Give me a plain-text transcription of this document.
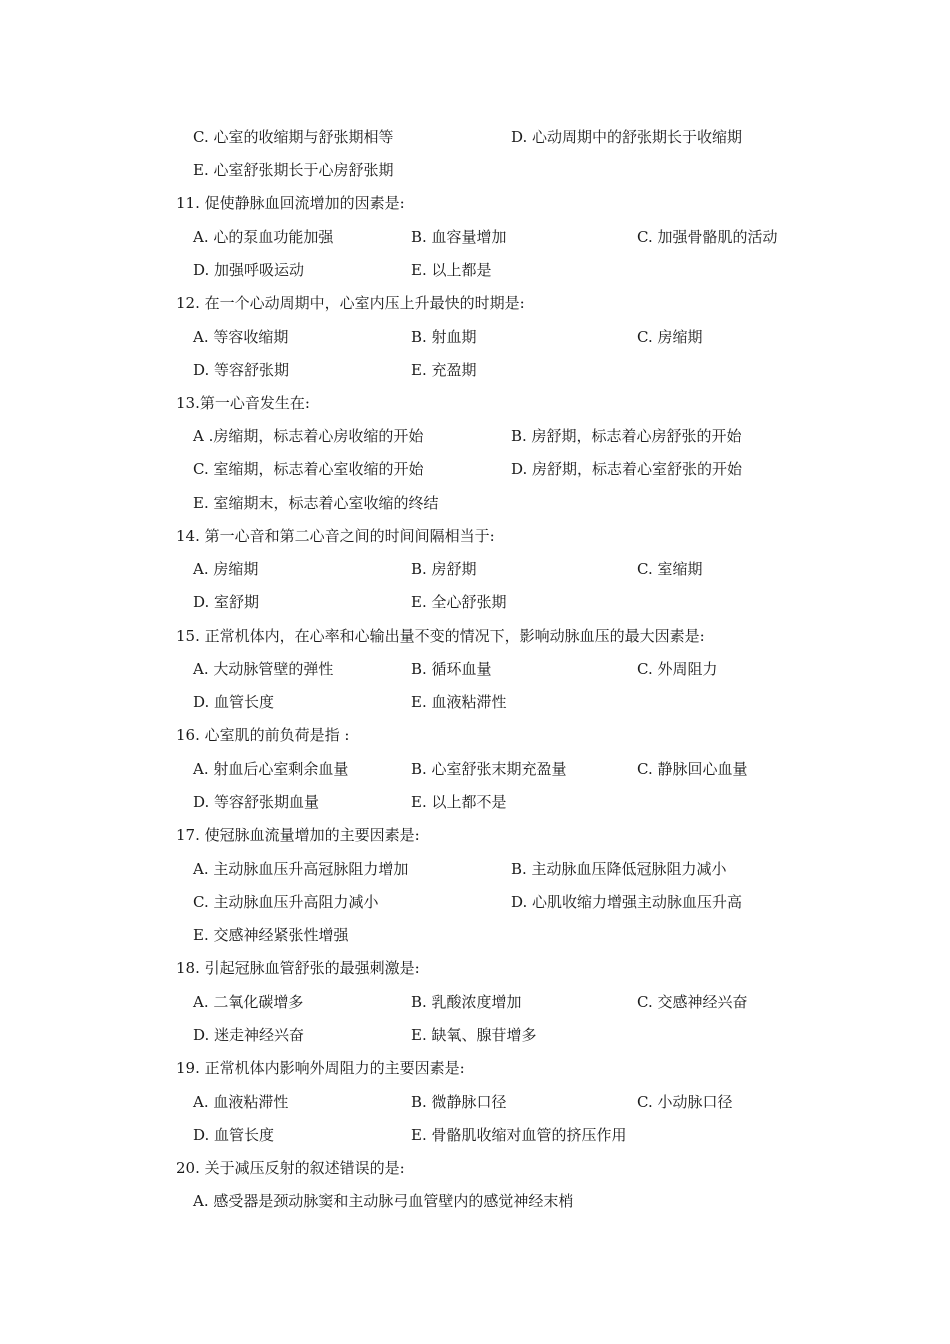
C. 心室的收缩期与舒张期相等	D. 心动周期中的舒张期长于收缩期
E. 心室舒张期长于心房舒张期
11. 促使静脉血回流增加的因素是:
A. 心的泵血功能加强	B. 血容量增加	C. 加强骨骼肌的活动
D. 加强呼吸运动	E. 以上都是
12. 在一个心动周期中，心室内压上升最快的时期是:
A. 等容收缩期	B. 射血期	C. 房缩期
D. 等容舒张期	E. 充盈期
13.第一心音发生在:
A .房缩期，标志着心房收缩的开始	B. 房舒期，标志着心房舒张的开始
C. 室缩期，标志着心室收缩的开始	D. 房舒期，标志着心室舒张的开始
E. 室缩期末，标志着心室收缩的终结
14. 第一心音和第二心音之间的时间间隔相当于:
A. 房缩期	B. 房舒期	C. 室缩期
D. 室舒期	E. 全心舒张期
15. 正常机体内，在心率和心输出量不变的情况下，影响动脉血压的最大因素是:
A. 大动脉管壁的弹性	B. 循环血量	C. 外周阻力
D. 血管长度	E. 血液粘滞性
16. 心室肌的前负荷是指 :
A. 射血后心室剩余血量	B. 心室舒张末期充盈量	C. 静脉回心血量
D. 等容舒张期血量	E. 以上都不是
17. 使冠脉血流量增加的主要因素是:
A. 主动脉血压升高冠脉阻力增加	B. 主动脉血压降低冠脉阻力减小
C. 主动脉血压升高阻力减小	D. 心肌收缩力增强主动脉血压升高
E. 交感神经紧张性增强
18. 引起冠脉血管舒张的最强刺激是:
A. 二氧化碳增多	B. 乳酸浓度增加	C. 交感神经兴奋
D. 迷走神经兴奋	E. 缺氧、腺苷增多
19. 正常机体内影响外周阻力的主要因素是:
A. 血液粘滞性	B. 微静脉口径	C. 小动脉口径
D. 血管长度	E. 骨骼肌收缩对血管的挤压作用
20. 关于减压反射的叙述错误的是:
A. 感受器是颈动脉窦和主动脉弓血管壁内的感觉神经末梢
